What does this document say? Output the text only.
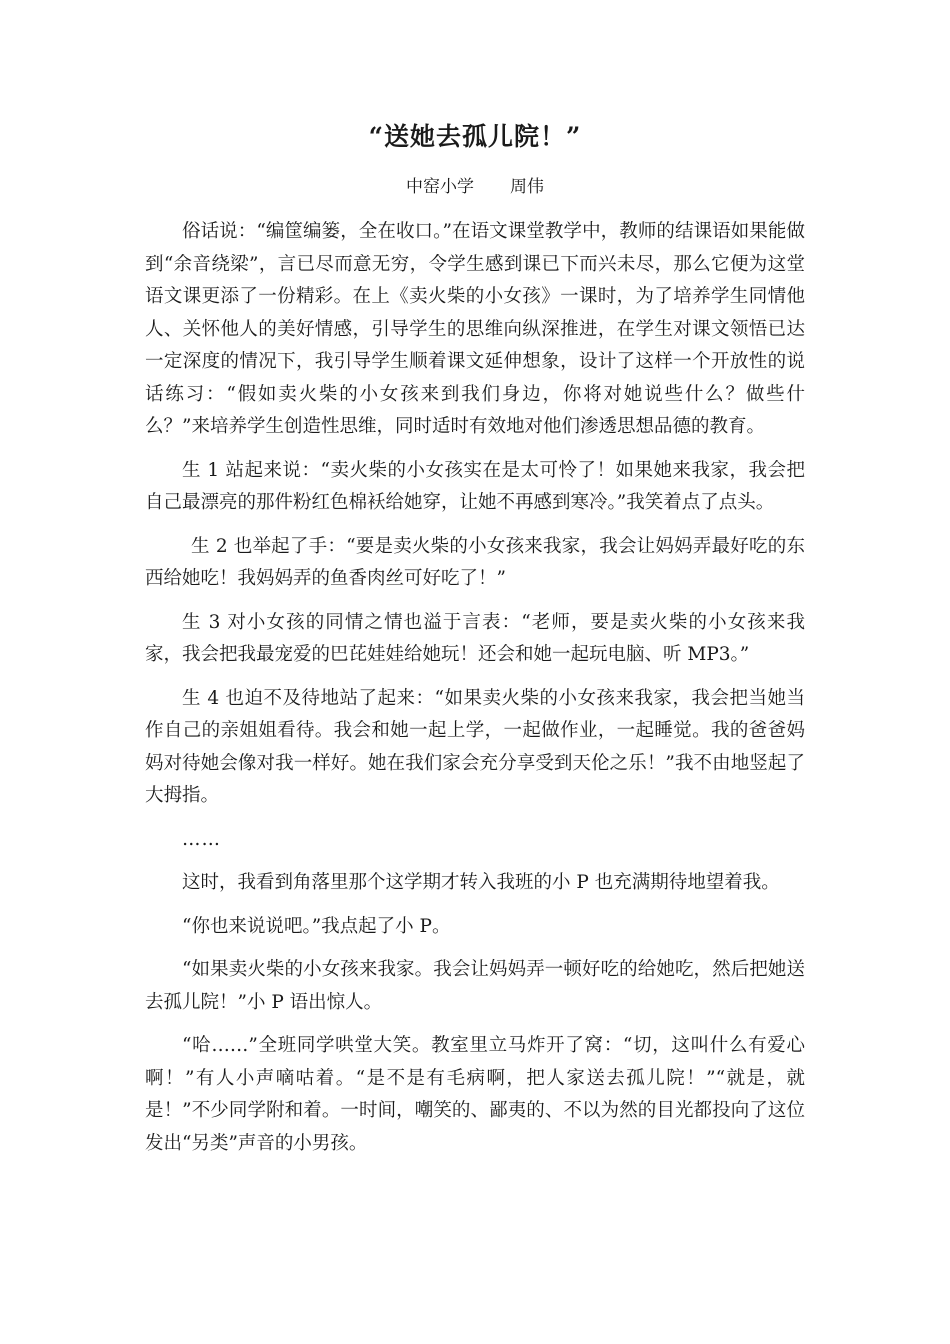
“送她去孤儿院！”
中窑小学 周伟

俗话说：“编筐编篓，全在收口。”在语文课堂教学中，教师的结课语如果能做到“余音绕梁”，言已尽而意无穷，令学生感到课已下而兴未尽，那么它便为这堂语文课更添了一份精彩。在上《卖火柴的小女孩》一课时，为了培养学生同情他人、关怀他人的美好情感，引导学生的思维向纵深推进，在学生对课文领悟已达一定深度的情况下，我引导学生顺着课文延伸想象，设计了这样一个开放性的说话练习：“假如卖火柴的小女孩来到我们身边，你将对她说些什么？做些什么？”来培养学生创造性思维，同时适时有效地对他们渗透思想品德的教育。

生 1 站起来说：“卖火柴的小女孩实在是太可怜了！如果她来我家，我会把自己最漂亮的那件粉红色棉袄给她穿，让她不再感到寒冷。”我笑着点了点头。

生 2 也举起了手：“要是卖火柴的小女孩来我家，我会让妈妈弄最好吃的东西给她吃！我妈妈弄的鱼香肉丝可好吃了！”

生 3 对小女孩的同情之情也溢于言表：“老师，要是卖火柴的小女孩来我家，我会把我最宠爱的巴芘娃娃给她玩！还会和她一起玩电脑、听 MP3。”

生 4 也迫不及待地站了起来：“如果卖火柴的小女孩来我家，我会把当她当作自己的亲姐姐看待。我会和她一起上学，一起做作业，一起睡觉。我的爸爸妈妈对待她会像对我一样好。她在我们家会充分享受到天伦之乐！”我不由地竖起了大拇指。

……

这时，我看到角落里那个这学期才转入我班的小 P 也充满期待地望着我。

“你也来说说吧。”我点起了小 P。

“如果卖火柴的小女孩来我家。我会让妈妈弄一顿好吃的给她吃，然后把她送去孤儿院！”小 P 语出惊人。

“哈……”全班同学哄堂大笑。教室里立马炸开了窝：“切，这叫什么有爱心啊！”有人小声嘀咕着。“是不是有毛病啊，把人家送去孤儿院！”“就是，就是！”不少同学附和着。一时间，嘲笑的、鄙夷的、不以为然的目光都投向了这位发出“另类”声音的小男孩。
